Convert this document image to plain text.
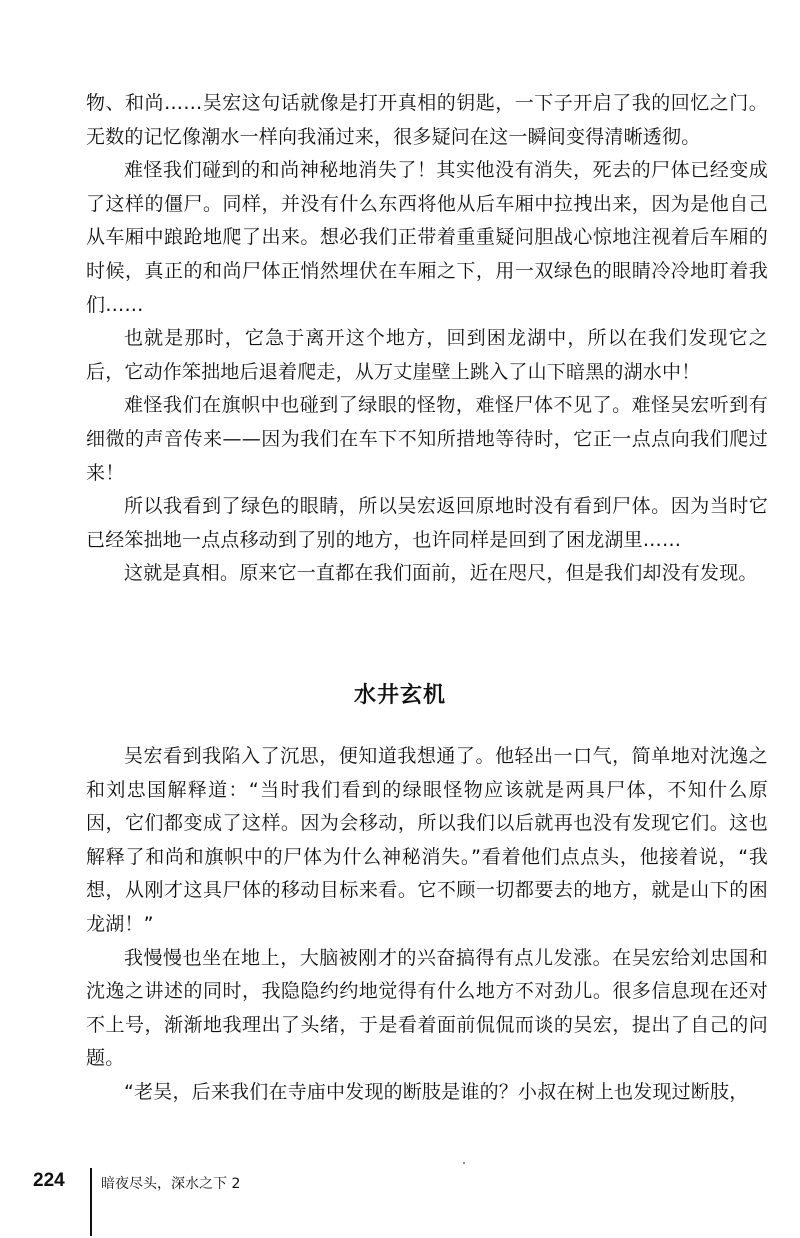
物、和尚……吴宏这句话就像是打开真相的钥匙，一下子开启了我的回忆之门。无数的记忆像潮水一样向我涌过来，很多疑问在这一瞬间变得清晰透彻。

难怪我们碰到的和尚神秘地消失了！其实他没有消失，死去的尸体已经变成了这样的僵尸。同样，并没有什么东西将他从后车厢中拉拽出来，因为是他自己从车厢中踉跄地爬了出来。想必我们正带着重重疑问胆战心惊地注视着后车厢的时候，真正的和尚尸体正悄然埋伏在车厢之下，用一双绿色的眼睛冷冷地盯着我们……

也就是那时，它急于离开这个地方，回到困龙湖中，所以在我们发现它之后，它动作笨拙地后退着爬走，从万丈崖壁上跳入了山下暗黑的湖水中！

难怪我们在旗帜中也碰到了绿眼的怪物，难怪尸体不见了。难怪吴宏听到有细微的声音传来——因为我们在车下不知所措地等待时，它正一点点向我们爬过来！

所以我看到了绿色的眼睛，所以吴宏返回原地时没有看到尸体。因为当时它已经笨拙地一点点移动到了别的地方，也许同样是回到了困龙湖里……

这就是真相。原来它一直都在我们面前，近在咫尺，但是我们却没有发现。

水井玄机

吴宏看到我陷入了沉思，便知道我想通了。他轻出一口气，简单地对沈逸之和刘忠国解释道：“当时我们看到的绿眼怪物应该就是两具尸体，不知什么原因，它们都变成了这样。因为会移动，所以我们以后就再也没有发现它们。这也解释了和尚和旗帜中的尸体为什么神秘消失。”看着他们点点头，他接着说，“我想，从刚才这具尸体的移动目标来看。它不顾一切都要去的地方，就是山下的困龙湖！”

我慢慢也坐在地上，大脑被刚才的兴奋搞得有点儿发涨。在吴宏给刘忠国和沈逸之讲述的同时，我隐隐约约地觉得有什么地方不对劲儿。很多信息现在还对不上号，渐渐地我理出了头绪，于是看着面前侃侃而谈的吴宏，提出了自己的问题。

“老吴，后来我们在寺庙中发现的断肢是谁的？小叔在树上也发现过断肢，

224	暗夜尽头，深水之下 2
